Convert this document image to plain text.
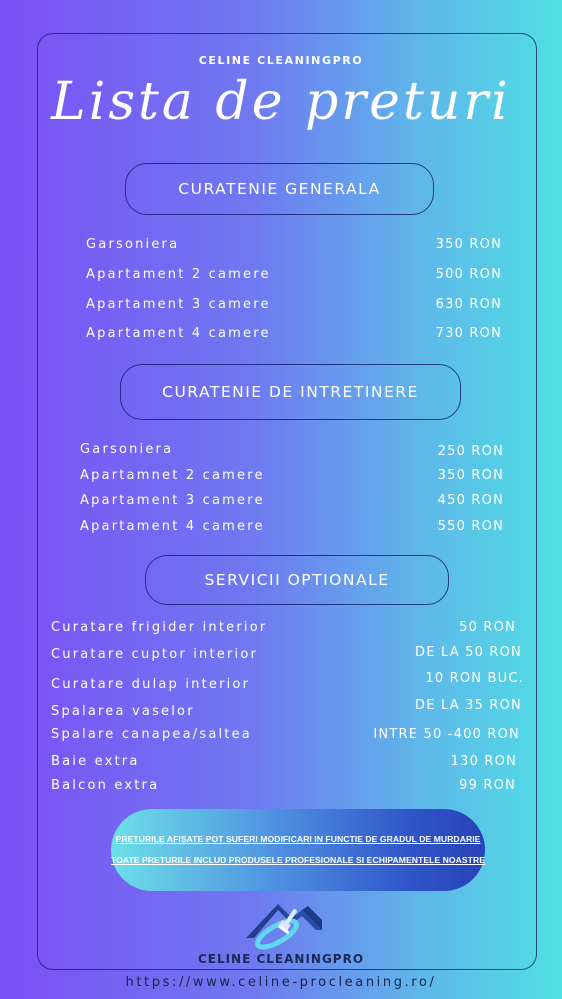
CELINE CLEANINGPRO
Lista de preturi
CURATENIE GENERALA
Garsoniera	350 RON
Apartament 2 camere	500 RON
Apartament 3 camere	630 RON
Apartament 4 camere	730 RON
CURATENIE DE INTRETINERE
Garsoniera	250 RON
Apartamnet 2 camere	350 RON
Apartament 3 camere	450 RON
Apartament 4 camere	550 RON
SERVICII OPTIONALE
Curatare frigider interior	50 RON
Curatare cuptor interior	DE LA 50 RON
Curatare dulap interior	10 RON BUC.
Spalarea vaselor	DE LA 35 RON
Spalare canapea/saltea	INTRE 50 -400 RON
Baie extra	130 RON
Balcon extra	99 RON
PRETURILE AFISATE POT SUFERI MODIFICARI IN FUNCTIE DE GRADUL DE MURDARIE
TOATE PRETURILE INCLUD PRODUSELE PROFESIONALE SI ECHIPAMENTELE NOASTRE
CELINE CLEANINGPRO
https://www.celine-procleaning.ro/
